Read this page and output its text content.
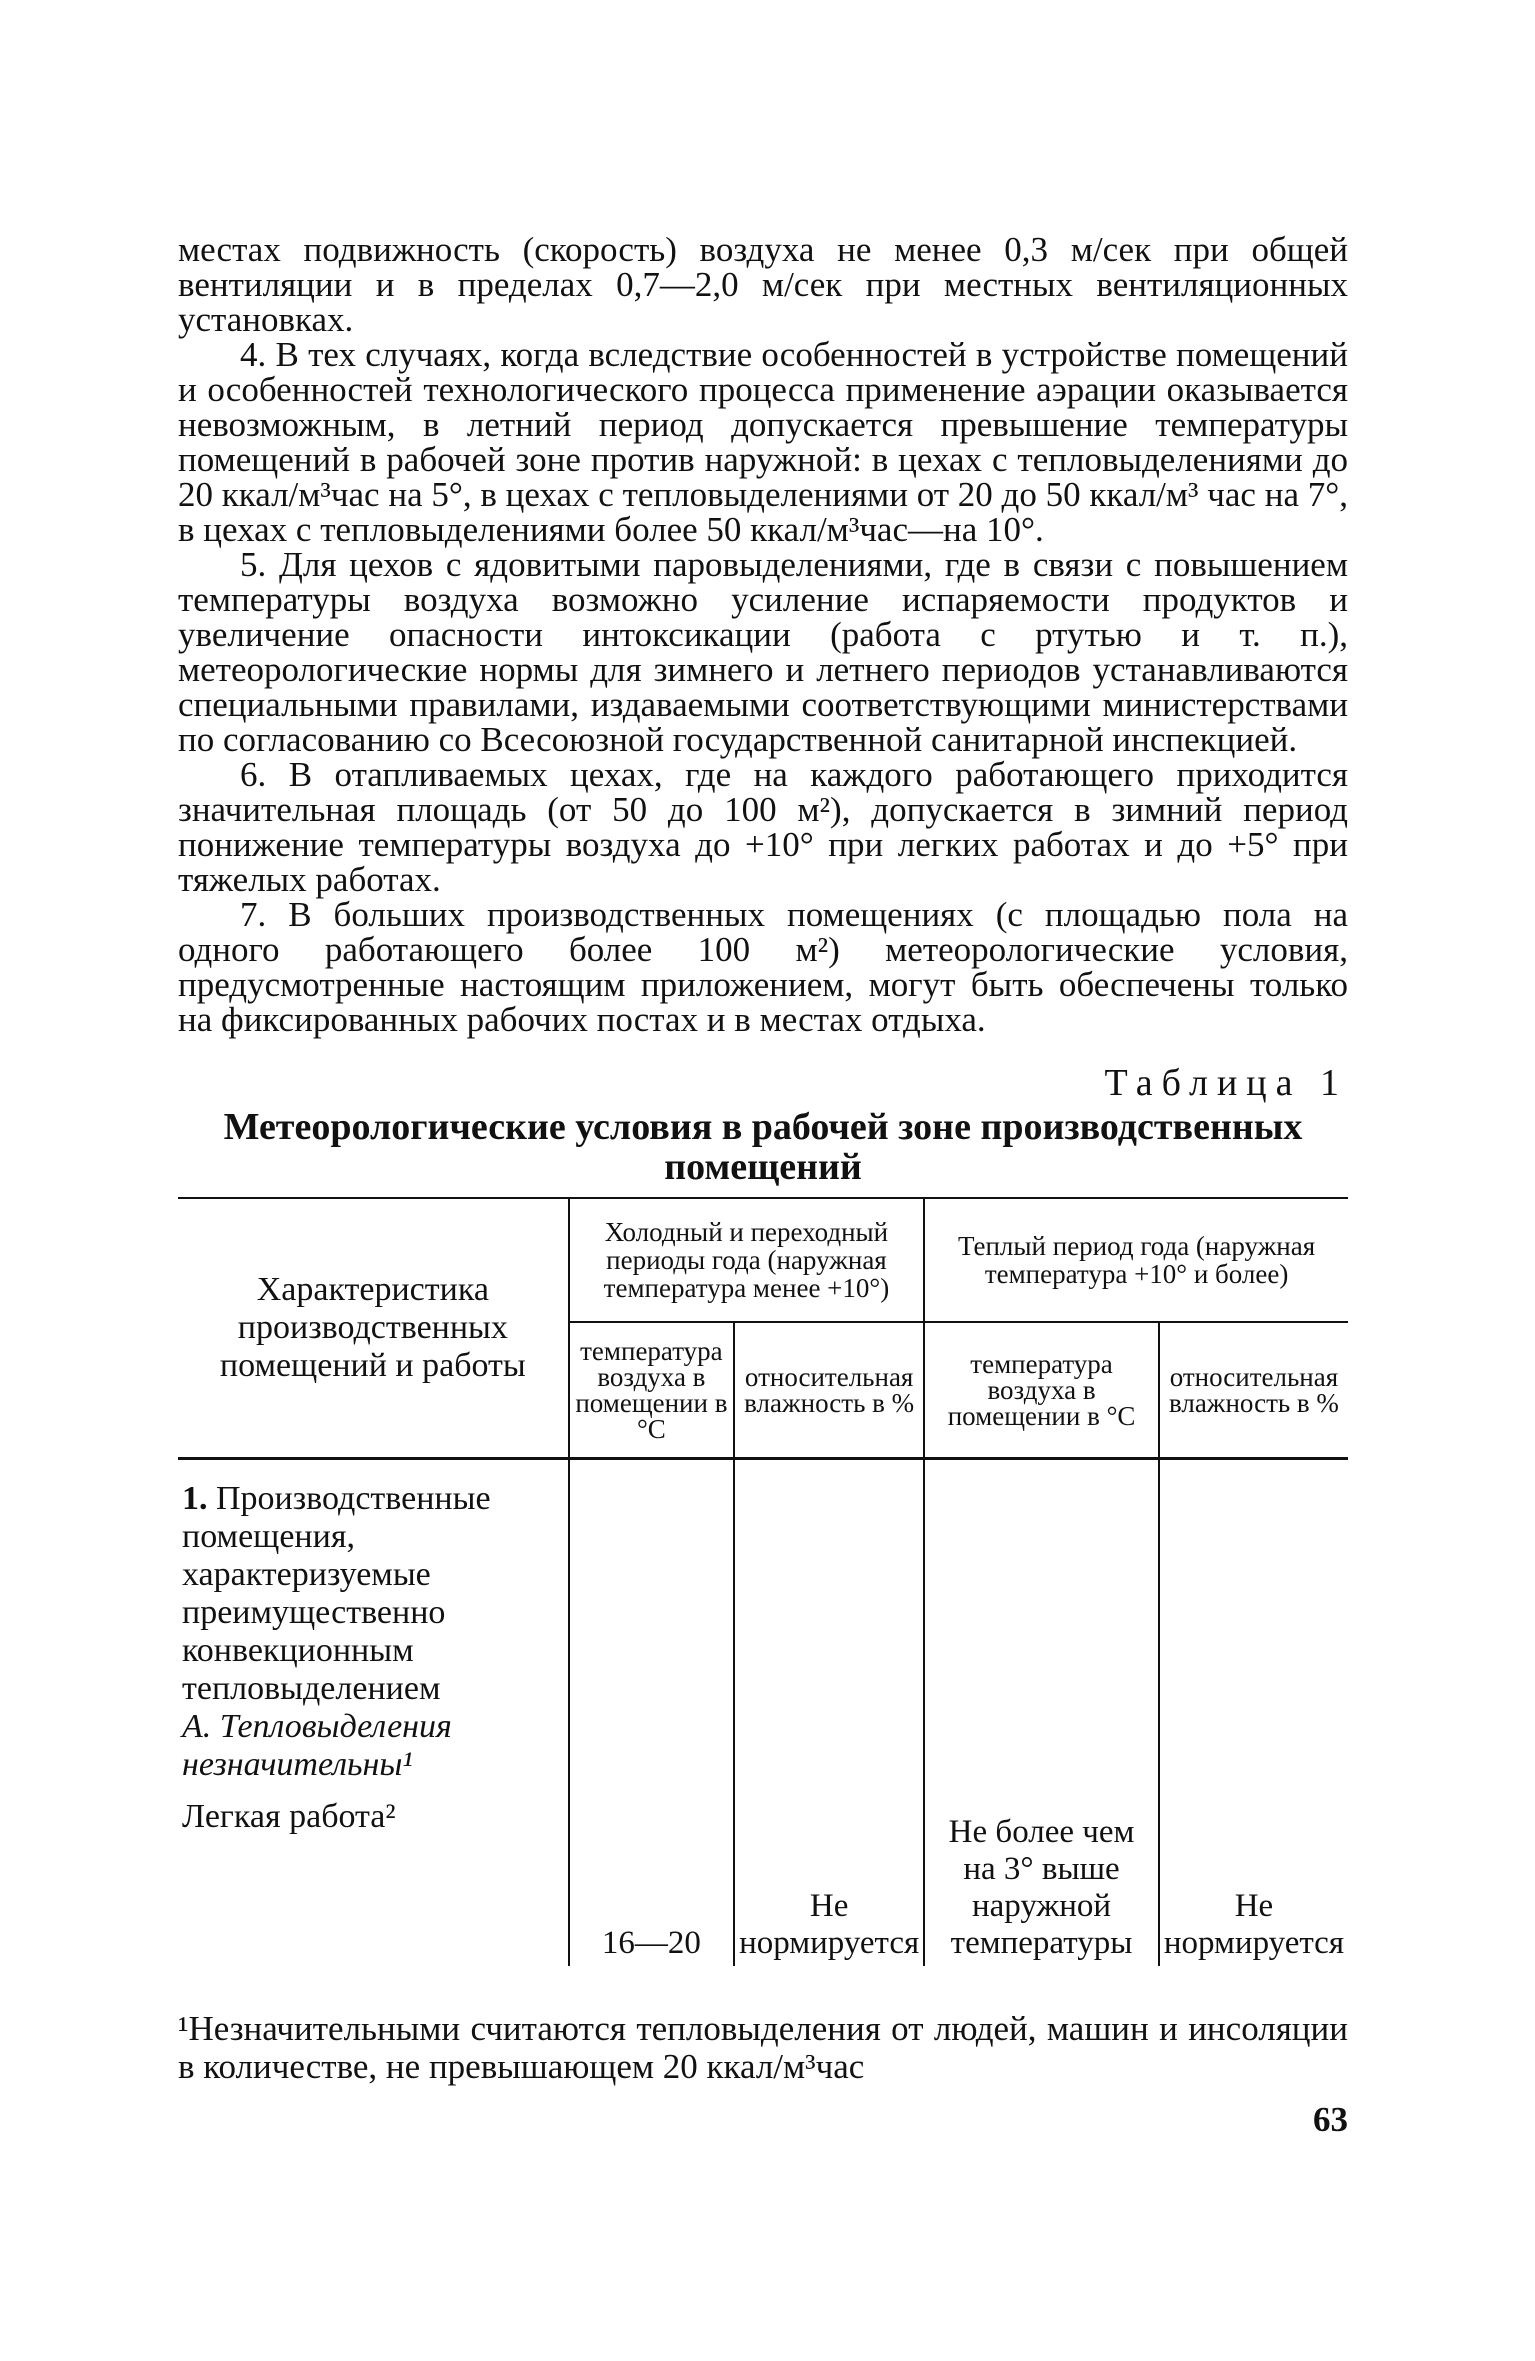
местах подвижность (скорость) воздуха не менее 0,3 м/сек при общей вентиляции и в пределах 0,7—2,0 м/сек при местных вентиляционных установках.

4. В тех случаях, когда вследствие особенностей в устройстве помещений и особенностей технологического процесса применение аэрации оказывается невозможным, в летний период допускается превышение температуры помещений в рабочей зоне против наружной: в цехах с тепловыделениями до 20 ккал/м³час на 5°, в цехах с тепловыделениями от 20 до 50 ккал/м³ час на 7°, в цехах с тепловыделениями более 50 ккал/м³час—на 10°.

5. Для цехов с ядовитыми паровыделениями, где в связи с повышением температуры воздуха возможно усиление испаряемости продуктов и увеличение опасности интоксикации (работа с ртутью и т. п.), метеорологические нормы для зимнего и летнего периодов устанавливаются специальными правилами, издаваемыми соответствующими министерствами по согласованию со Всесоюзной государственной санитарной инспекцией.

6. В отапливаемых цехах, где на каждого работающего приходится значительная площадь (от 50 до 100 м²), допускается в зимний период понижение температуры воздуха до +10° при легких работах и до +5° при тяжелых работах.

7. В больших производственных помещениях (с площадью пола на одного работающего более 100 м²) метеорологические условия, предусмотренные настоящим приложением, могут быть обеспечены только на фиксированных рабочих постах и в местах отдыха.

Таблица 1
Метеорологические условия в рабочей зоне производственных помещений
Характеристика производственных помещений и работы	Холодный и переходный периоды года (наружная температура менее +10°)		Теплый период года (наружная температура +10° и более)	
	температура воздуха в помещении в °С	относительная влажность в %	температура воздуха в помещении в °С	относительная влажность в %

1. Производственные помещения, характеризуемые преимущественно конвекционным тепловыделением
А. Тепловыделения незначительны¹
Легкая работа²	16—20	Не нормируется	Не более чем на 3° выше наружной температуры	Не нормируется
¹Незначительными считаются тепловыделения от людей, машин и инсоляции в количестве, не превышающем 20 ккал/м³час
63
